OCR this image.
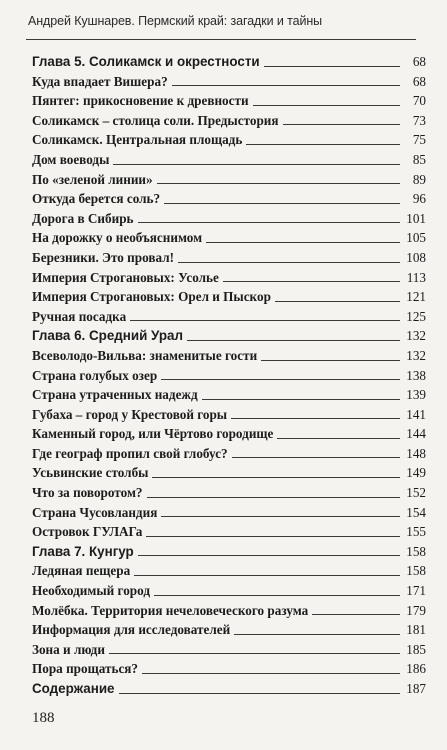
Андрей Кушнарев. Пермский край: загадки и тайны
Глава 5. Соликамск и окрестности	68
Куда впадает Вишера?	68
Пянтег: прикосновение к древности	70
Соликамск – столица соли. Предыстория	73
Соликамск. Центральная площадь	75
Дом воеводы	85
По «зеленой линии»	89
Откуда берется соль?	96
Дорога в Сибирь	101
На дорожку о необъяснимом	105
Березники. Это провал!	108
Империя Строгановых: Усолье	113
Империя Строгановых: Орел и Пыскор	121
Ручная посадка	125
Глава 6. Средний Урал	132
Всеволодо-Вильва: знаменитые гости	132
Страна голубых озер	138
Страна утраченных надежд	139
Губаха – город у Крестовой горы	141
Каменный город, или Чёртово городище	144
Где географ пропил свой глобус?	148
Усьвинские столбы	149
Что за поворотом?	152
Страна Чусовландия	154
Островок ГУЛАГа	155
Глава 7. Кунгур	158
Ледяная пещера	158
Необходимый город	171
Молёбка. Территория нечеловеческого разума	179
Информация для исследователей	181
Зона и люди	185
Пора прощаться?	186
Содержание	187
188
